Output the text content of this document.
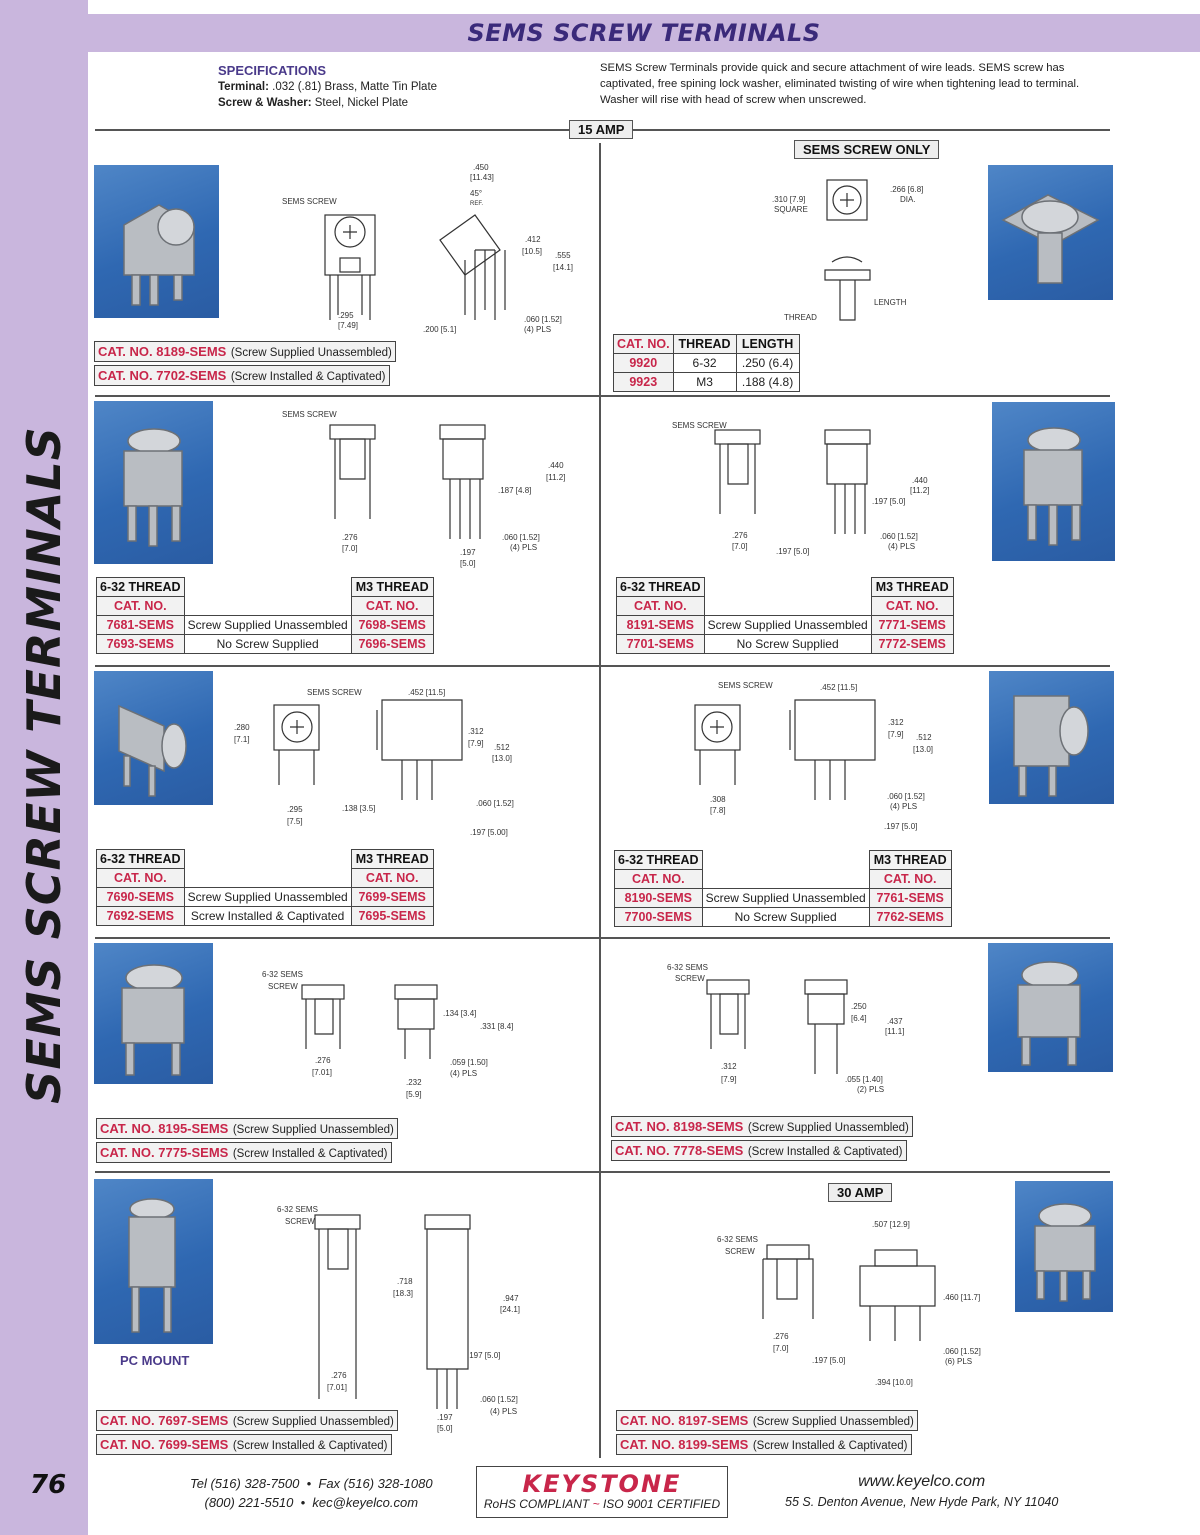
SEMS SCREW TERMINALS
76
SEMS SCREW TERMINALS
SPECIFICATIONS
Terminal: .032 (.81) Brass, Matte Tin Plate
Screw & Washer: Steel, Nickel Plate
SEMS Screw Terminals provide quick and secure attachment of wire leads. SEMS screw has captivated, free spining lock washer, eliminated twisting of wire when tightening lead to terminal. Washer will rise with head of screw when unscrewed.
15 AMP
SEMS SCREW ONLY
30 AMP
SEMS SCREW
.295
[7.49]
.450
[11.43]
45°
REF.
.412
[10.5] .555
[14.1]
.200 [5.1]
.060 [1.52]
(4) PLS
.310 [7.9]
SQUARE
.266 [6.8]
DIA.
THREAD
LENGTH
SEMS SCREW
.276
[7.0]
.440
[11.2]
.187 [4.8]
.060 [1.52]
(4) PLS
.197
[5.0]
SEMS SCREW
.276
[7.0]
.440
[11.2]
.197 [5.0]
.060 [1.52]
(4) PLS
.197 [5.0]
.280
[7.1]
SEMS SCREW	.452 [11.5]
.312
[7.9] .512
[13.0]
.295
[7.5]
.138 [3.5]
.060 [1.52]
.197 [5.00]
SEMS SCREW	.452 [11.5]
.312
[7.9] .512
[13.0]
.308
[7.8]
.060 [1.52]
(4) PLS
.197 [5.0]
6-32 SEMS
SCREW
.276
[7.01]
.134 [3.4]
.331 [8.4]
.059 [1.50]
(4) PLS
.232
[5.9]
6-32 SEMS
SCREW
.312
[7.9]
.250
[6.4]	.437
[11.1]
.055 [1.40]
(2) PLS
6-32 SEMS
SCREW
.718
[18.3]
.947
[24.1]
.197 [5.0]
.276
[7.01]
.060 [1.52]
(4) PLS
.197
[5.0]
6-32 SEMS
SCREW
.507 [12.9]
.460 [11.7]
.276
[7.0]
.197 [5.0]
.060 [1.52]
(6) PLS
.394 [10.0]
CAT. NO. 8189-SEMS (Screw Supplied Unassembled)
CAT. NO. 7702-SEMS (Screw Installed & Captivated)
CAT. NO.	THREAD	LENGTH
9920	6-32	.250 (6.4)
9923	M3	.188 (4.8)
6-32 THREAD		M3 THREAD
CAT. NO.		CAT. NO.
7681-SEMS	Screw Supplied Unassembled	7698-SEMS
7693-SEMS	No Screw Supplied	7696-SEMS
6-32 THREAD		M3 THREAD
CAT. NO.		CAT. NO.
8191-SEMS	Screw Supplied Unassembled	7771-SEMS
7701-SEMS	No Screw Supplied	7772-SEMS
6-32 THREAD		M3 THREAD
CAT. NO.		CAT. NO.
7690-SEMS	Screw Supplied Unassembled	7699-SEMS
7692-SEMS	Screw Installed & Captivated	7695-SEMS
6-32 THREAD		M3 THREAD
CAT. NO.		CAT. NO.
8190-SEMS	Screw Supplied Unassembled	7761-SEMS
7700-SEMS	No Screw Supplied	7762-SEMS
CAT. NO. 8195-SEMS (Screw Supplied Unassembled)
CAT. NO. 7775-SEMS (Screw Installed & Captivated)
CAT. NO. 8198-SEMS (Screw Supplied Unassembled)
CAT. NO. 7778-SEMS (Screw Installed & Captivated)
PC MOUNT
CAT. NO. 7697-SEMS (Screw Supplied Unassembled)
CAT. NO. 7699-SEMS (Screw Installed & Captivated)
CAT. NO. 8197-SEMS (Screw Supplied Unassembled)
CAT. NO. 8199-SEMS (Screw Installed & Captivated)
Tel (516) 328-7500  •  Fax (516) 328-1080
(800) 221-5510  •  kec@keyelco.com
KEYSTONE
RoHS COMPLIANT ~ ISO 9001 CERTIFIED
www.keyelco.com
55 S. Denton Avenue, New Hyde Park, NY 11040
